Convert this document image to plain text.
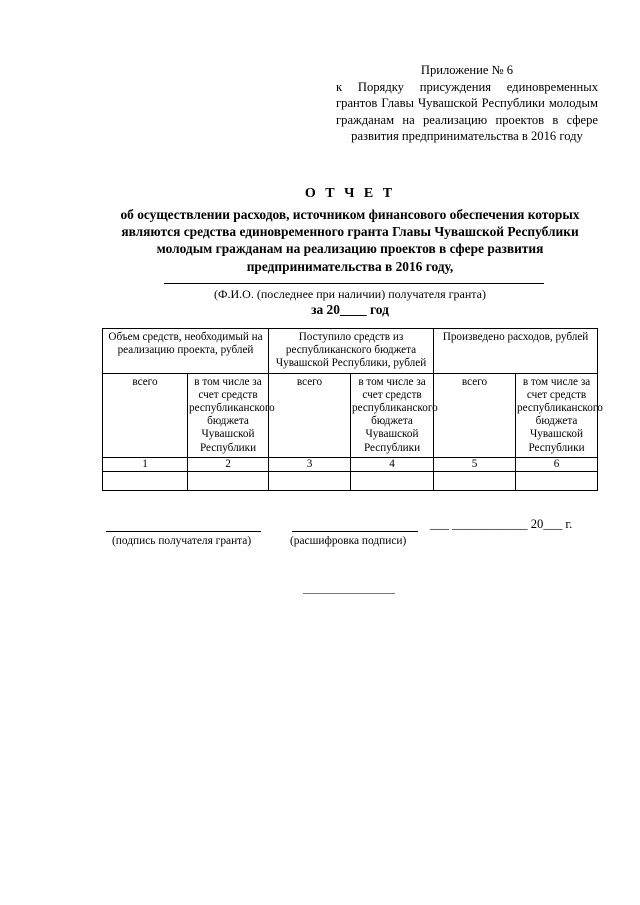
Приложение № 6
к Порядку присуждения единовременных грантов Главы Чувашской Республики молодым гражданам на реализацию проектов в сфере развития предпринимательства в 2016 году
О Т Ч Е Т
об осуществлении расходов, источником финансового обеспечения которых являются средства единовременного гранта Главы Чувашской Республики молодым гражданам на реализацию проектов в сфере развития предпринимательства в 2016 году,
(Ф.И.О. (последнее при наличии) получателя гранта)
за 20____ год
Объем средств, необходимый на реализацию проекта, рублей		Поступило средств из республиканского бюджета Чувашской Республики, рублей		Произведено расходов, рублей	
всего	в том числе за счет средств республиканского бюджета Чувашской Республики	всего	в том числе за счет средств республиканского бюджета Чувашской Республики	всего	в том числе за счет средств республиканского бюджета Чувашской Республики
1	2	3	4	5	6

(подпись получателя гранта)	(расшифровка подписи)
___ ____________ 20___ г.
